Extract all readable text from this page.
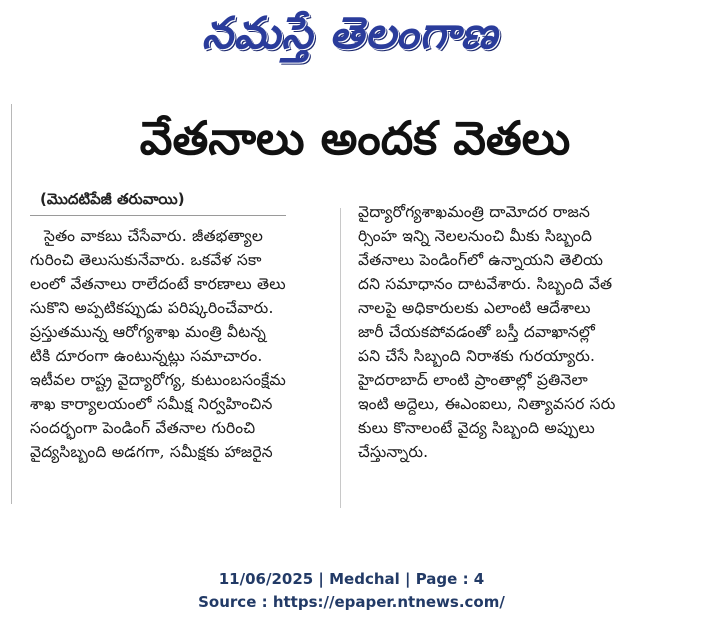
నమస్తే తెలంగాణ
వేతనాలు అందక వెతలు
(మొదటిపేజీ తరువాయి)
సైతం వాకబు చేసేవారు. జీతభత్యాల
గురించి తెలుసుకునేవారు. ఒకవేళ సకా
లంలో వేతనాలు రాలేదంటే కారణాలు తెలు
సుకొని అప్పటికప్పుడు పరిష్కరించేవారు.
ప్రస్తుతమున్న ఆరోగ్యశాఖ మంత్రి వీటన్న
టికి దూరంగా ఉంటున్నట్లు సమాచారం.
ఇటీవల రాష్ట్ర వైద్యారోగ్య, కుటుంబసంక్షేమ
శాఖ కార్యాలయంలో సమీక్ష నిర్వహించిన
సందర్భంగా పెండింగ్ వేతనాల గురించి
వైద్యసిబ్బంది అడగగా, సమీక్షకు హాజరైన
వైద్యారోగ్యశాఖమంత్రి దామోదర రాజన
ర్సింహ ఇన్ని నెలలనుంచి మీకు సిబ్బంది
వేతనాలు పెండింగ్‌లో ఉన్నాయని తెలియ
దని సమాధానం దాటవేశారు. సిబ్బంది వేత
నాలపై అధికారులకు ఎలాంటి ఆదేశాలు
జారీ చేయకపోవడంతో బస్తీ దవాఖానల్లో
పని చేసే సిబ్బంది నిరాశకు గురయ్యారు.
హైదరాబాద్ లాంటి ప్రాంతాల్లో ప్రతినెలా
ఇంటి అద్దెలు, ఈఎంఐలు, నిత్యావసర సరు
కులు కొనాలంటే వైద్య సిబ్బంది అప్పులు
చేస్తున్నారు.
11/06/2025 | Medchal | Page : 4
Source : https://epaper.ntnews.com/
